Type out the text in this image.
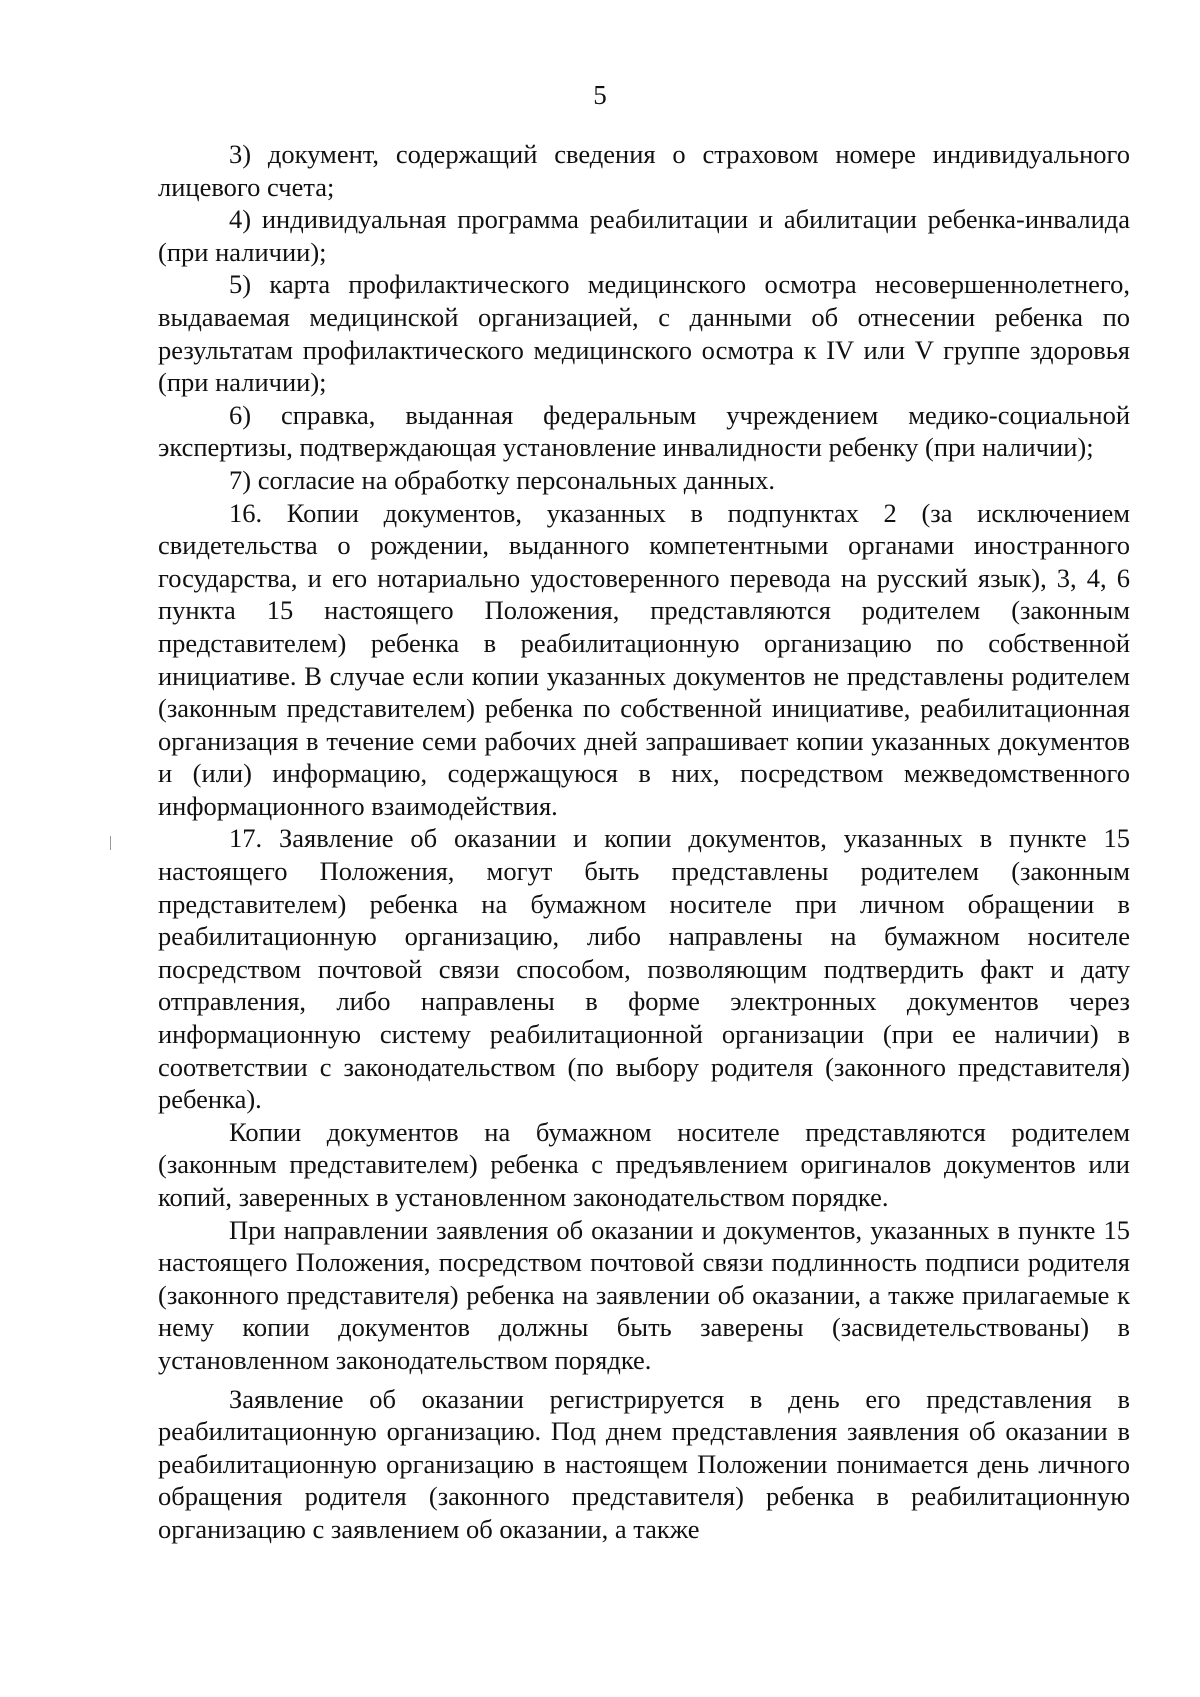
5

3) документ, содержащий сведения о страховом номере индивидуального лицевого счета;

4) индивидуальная программа реабилитации и абилитации ребенка-инвалида (при наличии);

5) карта профилактического медицинского осмотра несовершеннолетнего, выдаваемая медицинской организацией, с данными об отнесении ребенка по результатам профилактического медицинского осмотра к IV или V группе здоровья (при наличии);

6) справка, выданная федеральным учреждением медико-социальной экспертизы, подтверждающая установление инвалидности ребенку (при наличии);

7) согласие на обработку персональных данных.

16. Копии документов, указанных в подпунктах 2 (за исключением свидетельства о рождении, выданного компетентными органами иностранного государства, и его нотариально удостоверенного перевода на русский язык), 3, 4, 6 пункта 15 настоящего Положения, представляются родителем (законным представителем) ребенка в реабилитационную организацию по собственной инициативе. В случае если копии указанных документов не представлены родителем (законным представителем) ребенка по собственной инициативе, реабилитационная организация в течение семи рабочих дней запрашивает копии указанных документов и (или) информацию, содержащуюся в них, посредством межведомственного информационного взаимодействия.

17. Заявление об оказании и копии документов, указанных в пункте 15 настоящего Положения, могут быть представлены родителем (законным представителем) ребенка на бумажном носителе при личном обращении в реабилитационную организацию, либо направлены на бумажном носителе посредством почтовой связи способом, позволяющим подтвердить факт и дату отправления, либо направлены в форме электронных документов через информационную систему реабилитационной организации (при ее наличии) в соответствии с законодательством (по выбору родителя (законного представителя) ребенка).

Копии документов на бумажном носителе представляются родителем (законным представителем) ребенка с предъявлением оригиналов документов или копий, заверенных в установленном законодательством порядке.

При направлении заявления об оказании и документов, указанных в пункте 15 настоящего Положения, посредством почтовой связи подлинность подписи родителя (законного представителя) ребенка на заявлении об оказании, а также прилагаемые к нему копии документов должны быть заверены (засвидетельствованы) в установленном законодательством порядке.

Заявление об оказании регистрируется в день его представления в реабилитационную организацию. Под днем представления заявления об оказании в реабилитационную организацию в настоящем Положении понимается день личного обращения родителя (законного представителя) ребенка в реабилитационную организацию с заявлением об оказании, а также
